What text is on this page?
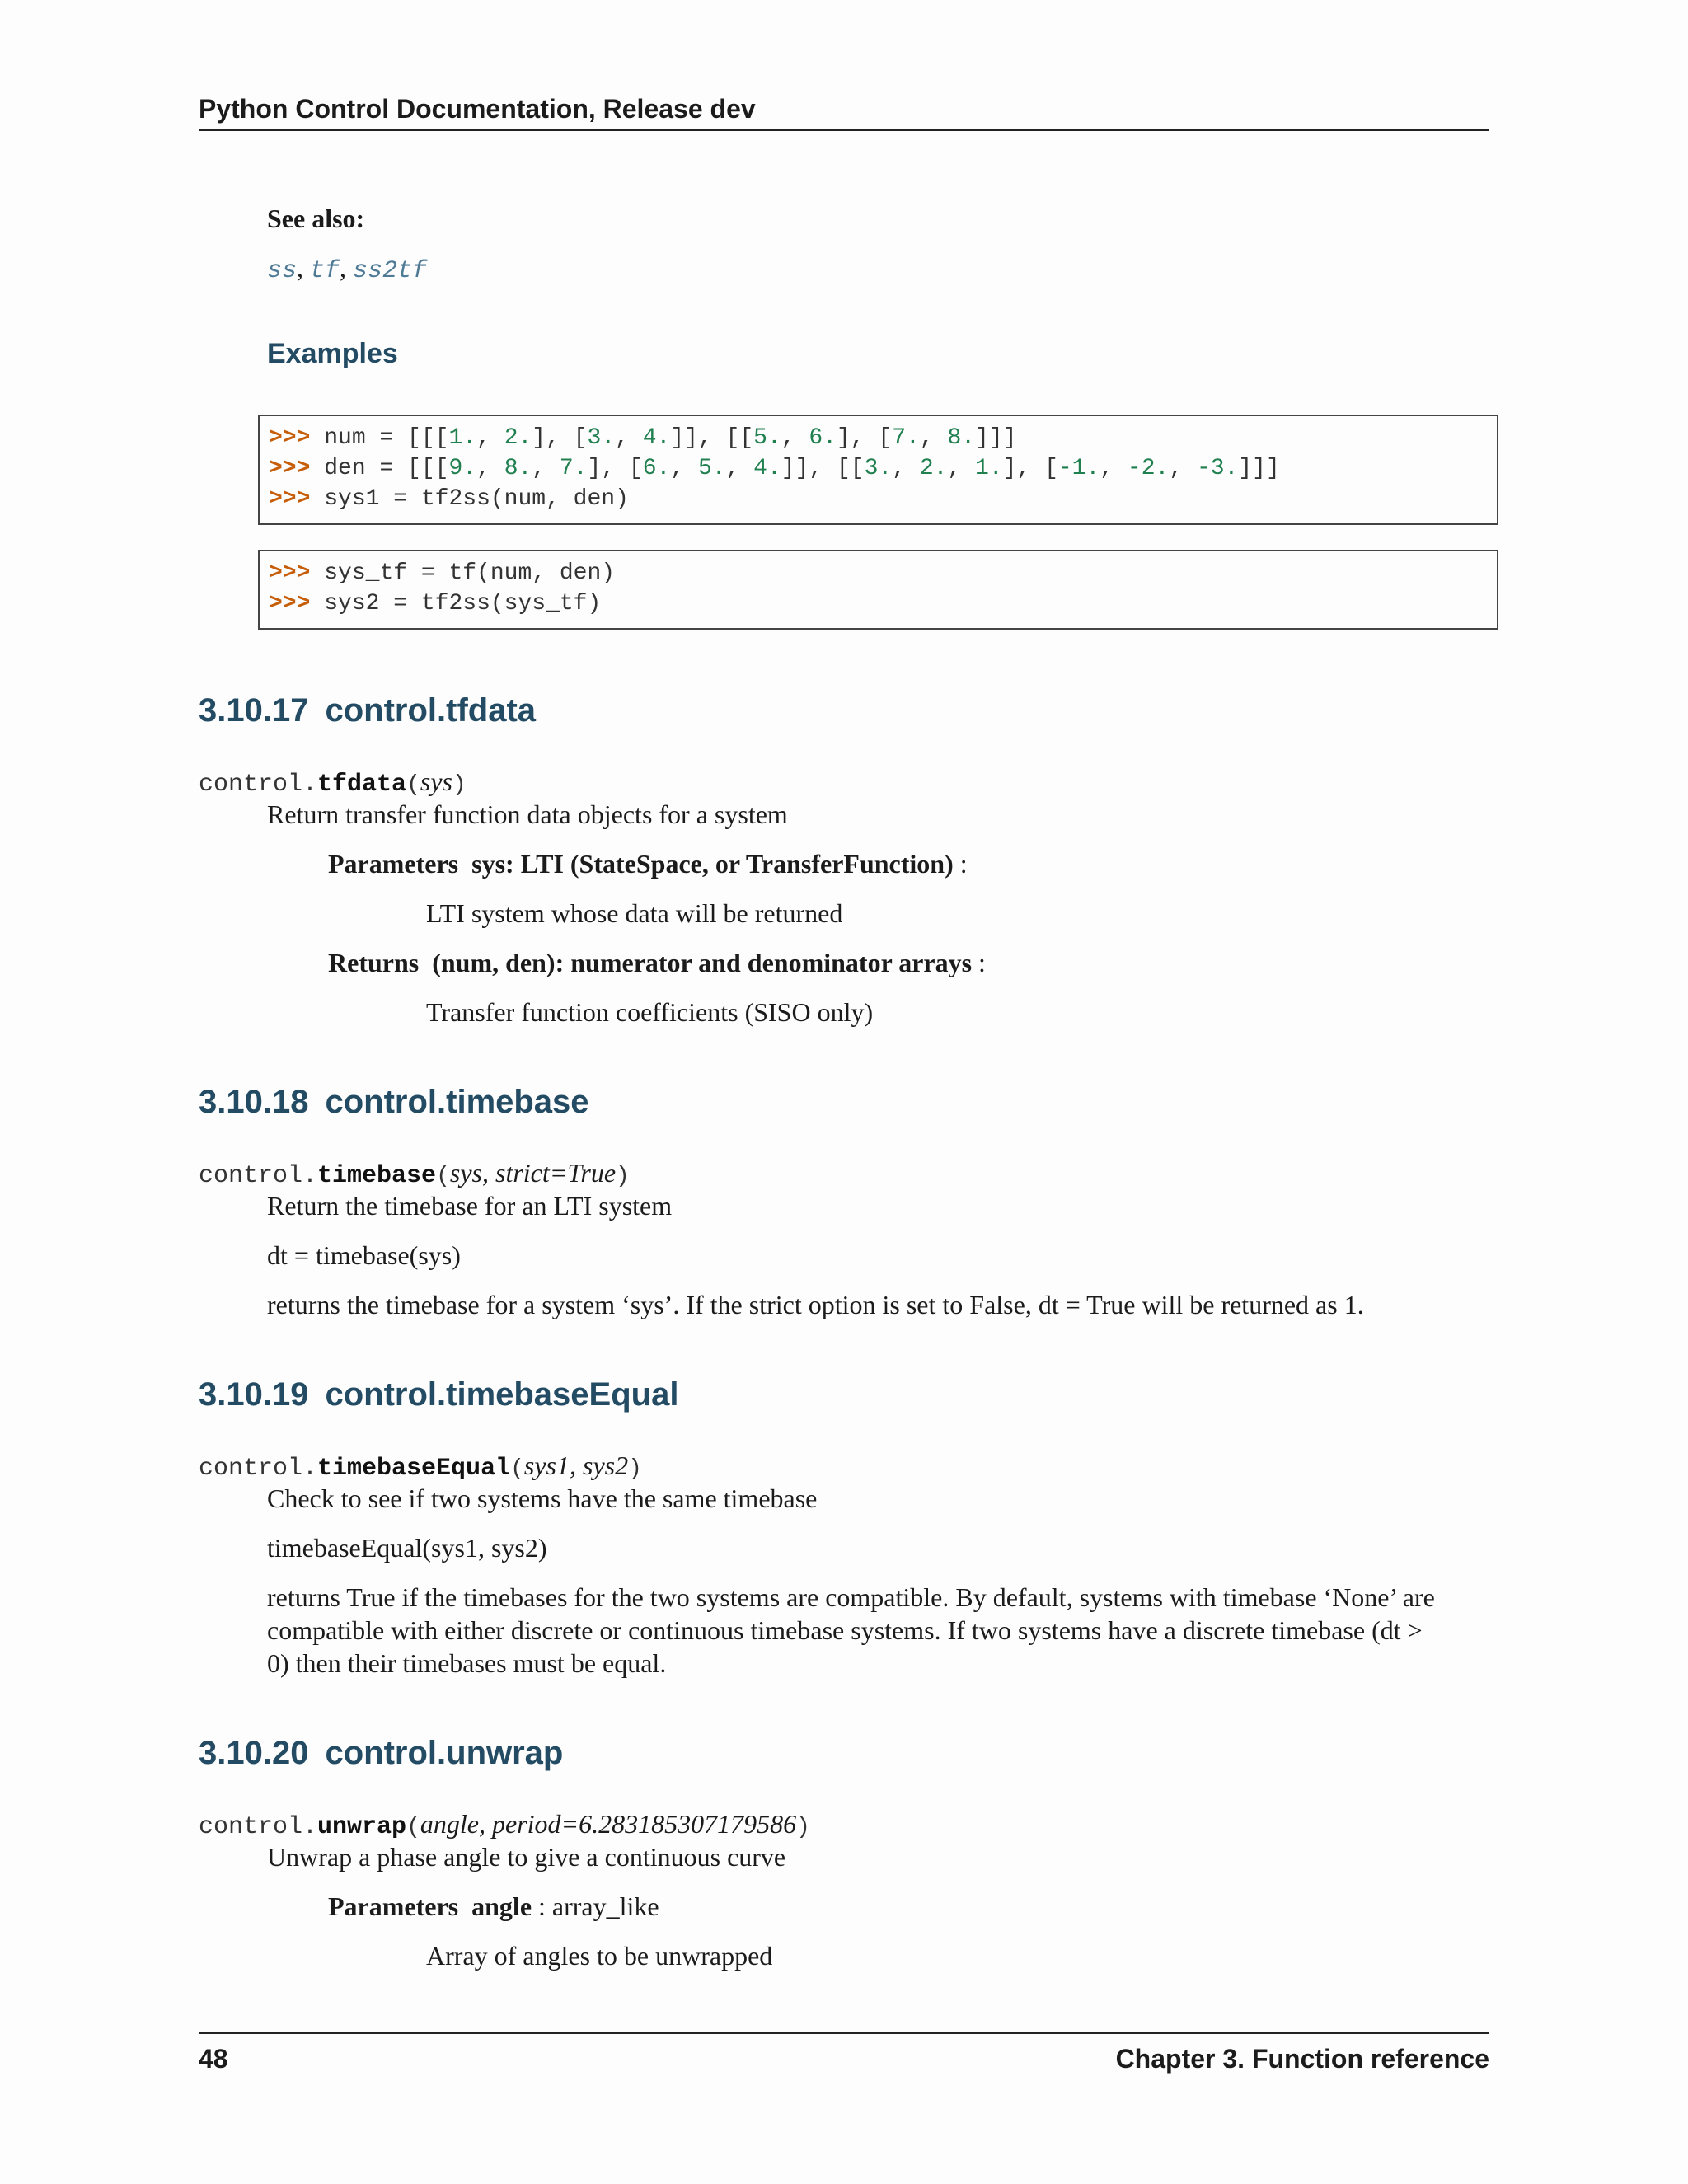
Python Control Documentation, Release dev
See also:
ss, tf, ss2tf
Examples
>>> num = [[[1., 2.], [3., 4.]], [[5., 6.], [7., 8.]]]
>>> den = [[[9., 8., 7.], [6., 5., 4.]], [[3., 2., 1.], [-1., -2., -3.]]]
>>> sys1 = tf2ss(num, den)
>>> sys_tf = tf(num, den)
>>> sys2 = tf2ss(sys_tf)
3.10.17 control.tfdata
control.tfdata(sys)

Return transfer function data objects for a system

Parameters sys: LTI (StateSpace, or TransferFunction) :

LTI system whose data will be returned

Returns (num, den): numerator and denominator arrays :

Transfer function coefficients (SISO only)

3.10.18 control.timebase
control.timebase(sys, strict=True)

Return the timebase for an LTI system

dt = timebase(sys)

returns the timebase for a system ‘sys’. If the strict option is set to False, dt = True will be returned as 1.

3.10.19 control.timebaseEqual
control.timebaseEqual(sys1, sys2)

Check to see if two systems have the same timebase

timebaseEqual(sys1, sys2)

returns True if the timebases for the two systems are compatible. By default, systems with timebase ‘None’ are

compatible with either discrete or continuous timebase systems. If two systems have a discrete timebase (dt >

0) then their timebases must be equal.

3.10.20 control.unwrap
control.unwrap(angle, period=6.283185307179586)

Unwrap a phase angle to give a continuous curve

Parameters angle : array_like

Array of angles to be unwrapped

48	Chapter 3. Function reference
